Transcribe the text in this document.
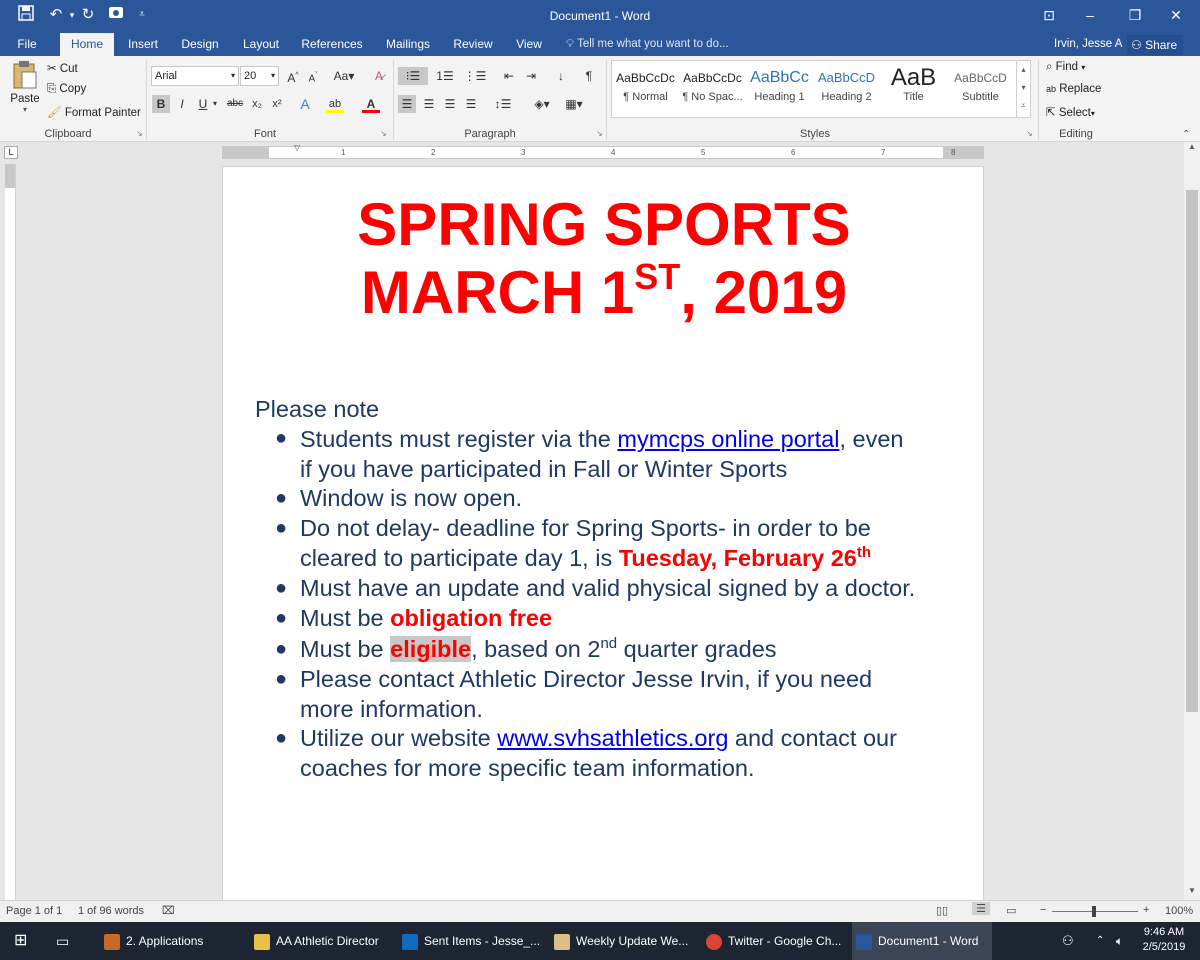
↶ ▾ ↻	⩡	Document1 - Word	⊡	–	❐	✕
File	Home	Insert	Design	Layout	References	Mailings	Review	View	💡︎ Tell me what you want to do...	Irvin, Jesse A ⚇ Share
Paste
▾
✂ Cut
⎘ Copy
🖌︎ Format Painter
Clipboard	↘
Arial	▾ 20 ▾ A^ $A^ˇ$	Aa▾	A̷
B	I	U ▾ abc x₂ x²	A	ab	A
Font	↘
⁝☰	1☰ ⋮☰	⇤ ⇥	↓	¶
☰ ☰ ☰ ☰	↕☰	◈▾	▦▾
Paragraph	↘
AaBbCcDc
¶ Normal
AaBbCcDc
¶ No Spac...
AaBbCc
Heading 1
AaBbCcD
Heading 2
AaB
Title
AaBbCcD
Subtitle
▴
▾
⩡
Styles	↘
⌕ Find ▾
ab Replace
⇱ Select▾
Editing	⌃
L	▽
1	2	3	4	5	6	7	8
SPRING SPORTS
MARCH 1ST, 2019
Please note
● Students must register via the mymcps online portal, even
if you have participated in Fall or Winter Sports
● Window is now open.
● Do not delay- deadline for Spring Sports- in order to be
cleared to participate day 1, is Tuesday, February 26th
● Must have an update and valid physical signed by a doctor.
● Must be obligation free
● Must be eligible, based on 2nd quarter grades
● Please contact Athletic Director Jesse Irvin, if you need
more information.
● Utilize our website www.svhsathletics.org and contact our
coaches for more specific team information.
▲
▼
Page 1 of 1 1 of 96 words ⌧	▯▯	☰	▭ −	+ 100%
⊞	▭	2. Applications	AA Athletic Director	Sent Items - Jesse_...	Weekly Update We...	Twitter - Google Ch...	Document1 - Word	⚇	⌃ 🔈︎
9:46 AM
2/5/2019
